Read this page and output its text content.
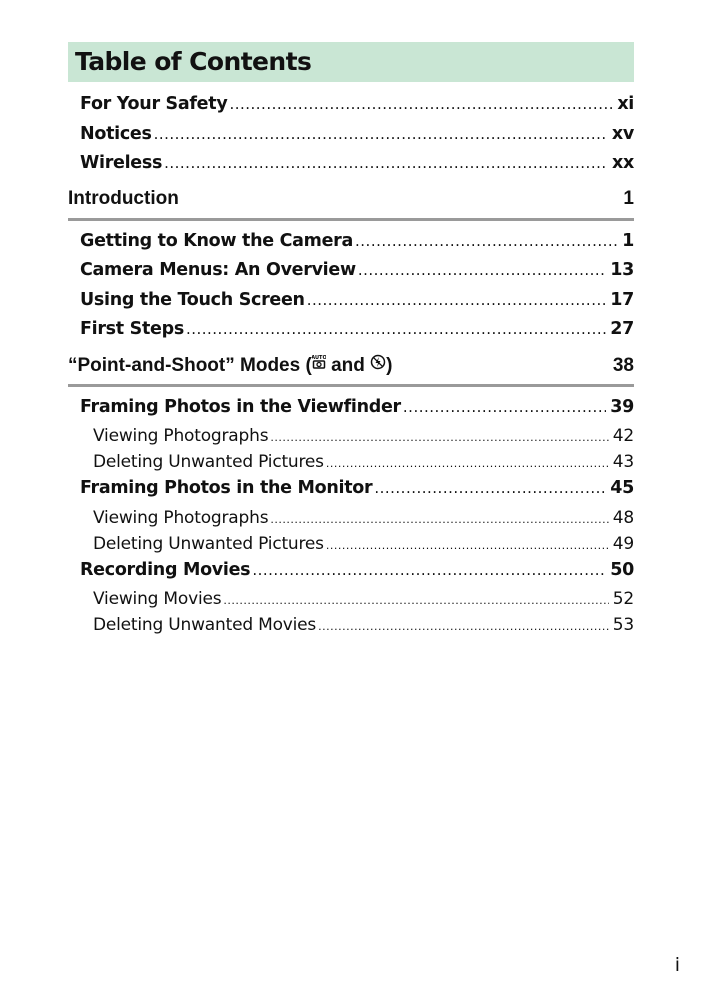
Table of Contents
For Your Safety .....	xi
Notices .....	xv
Wireless .....	xx
Introduction	1
Getting to Know the Camera .....	1
Camera Menus: An Overview .....	13
Using the Touch Screen .....	17
First Steps .....	27
“Point-and-Shoot” Modes ( AUTO and )	38
Framing Photos in the Viewfinder .....	39
Viewing Photographs .....	42
Deleting Unwanted Pictures .....	43
Framing Photos in the Monitor .....	45
Viewing Photographs .....	48
Deleting Unwanted Pictures .....	49
Recording Movies .....	50
Viewing Movies .....	52
Deleting Unwanted Movies .....	53
i
